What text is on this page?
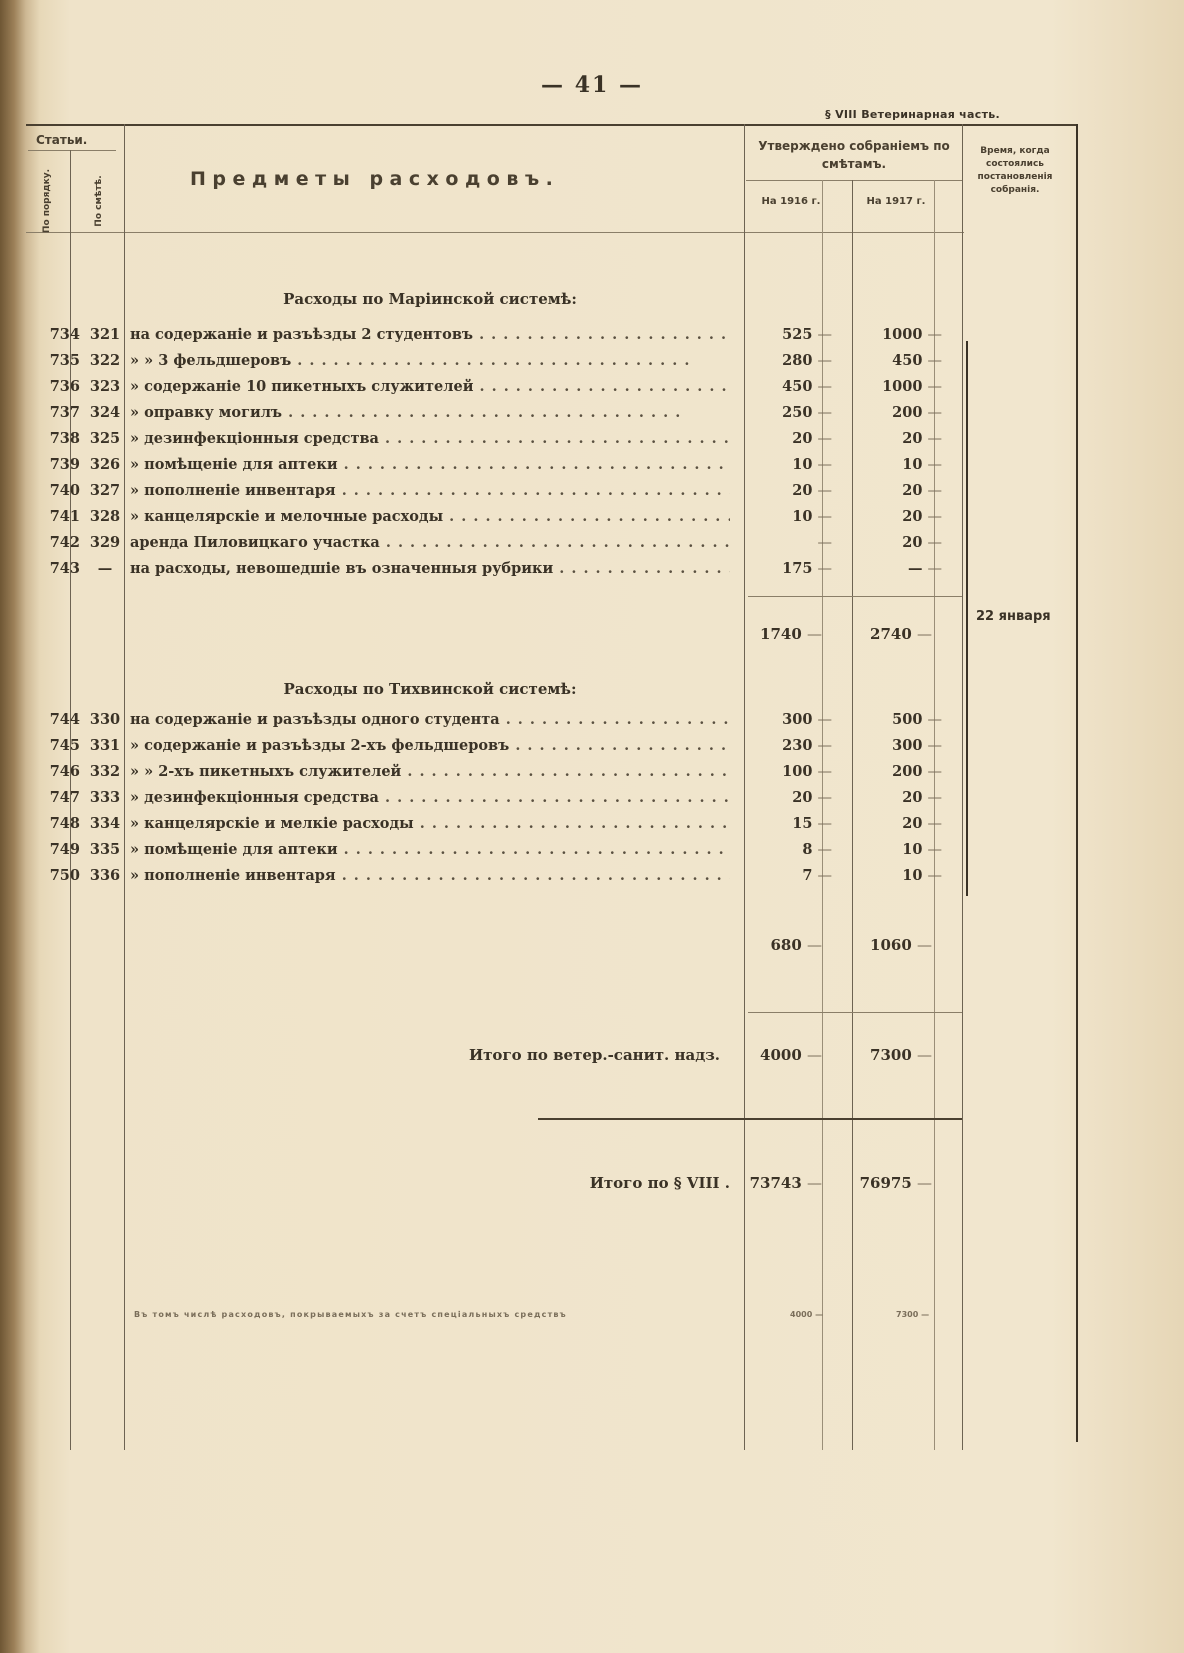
— 41 —
§ VIII Ветеринарная часть.
Статьи.
По порядку.	По смѣтѣ.	Предметы расходовъ.
Утверждено собраніемъ по смѣтамъ.
На 1916 г.	На 1917 г.
Время, когда состоялись постановленія собранія.
Расходы по Маріинской системѣ:
734 321 на содержаніе и разъѣзды 2 студентовъ . .	525 —	1000 —
735 322 » » 3 фельдшеровъ . .	280 —	450 —
736 323 » содержаніе 10 пикетныхъ служителей . .	450 —	1000 —
737 324 » оправку могилъ . .	250 —	200 —
738 325 » дезинфекціонныя средства . .	20 —	20 —
739 326 » помѣщеніе для аптеки . .	10 —	10 —
740 327 » пополненіе инвентаря . .	20 —	20 —
741 328 » канцелярскіе и мелочные расходы . .	10 —	20 —
742 329 аренда Пиловицкаго участка . .	—	20 —
743	—	на расходы, невошедшіе въ означенныя рубрики . .	175 —	— —
1740 —	2740 —
Расходы по Тихвинской системѣ:
744 330 на содержаніе и разъѣзды одного студента . .	300 —	500 —
745 331 » содержаніе и разъѣзды 2-хъ фельдшеровъ . .	230 —	300 —
746 332 » » 2-хъ пикетныхъ служителей . .	100 —	200 —
747 333 » дезинфекціонныя средства . .	20 —	20 —
748 334 » канцелярскіе и мелкіе расходы . .	15 —	20 —
749 335 » помѣщеніе для аптеки . .	8 —	10 —
750 336 » пополненіе инвентаря . .	7 —	10 —
680 —	1060 —
22 января
Итого по ветер.-санит. надз.	4000 —	7300 —
Итого по § VIII .	73743 —	76975 —
Въ томъ числѣ расходовъ, покрываемыхъ за счетъ спеціальныхъ средствъ	4000 —	7300 —
